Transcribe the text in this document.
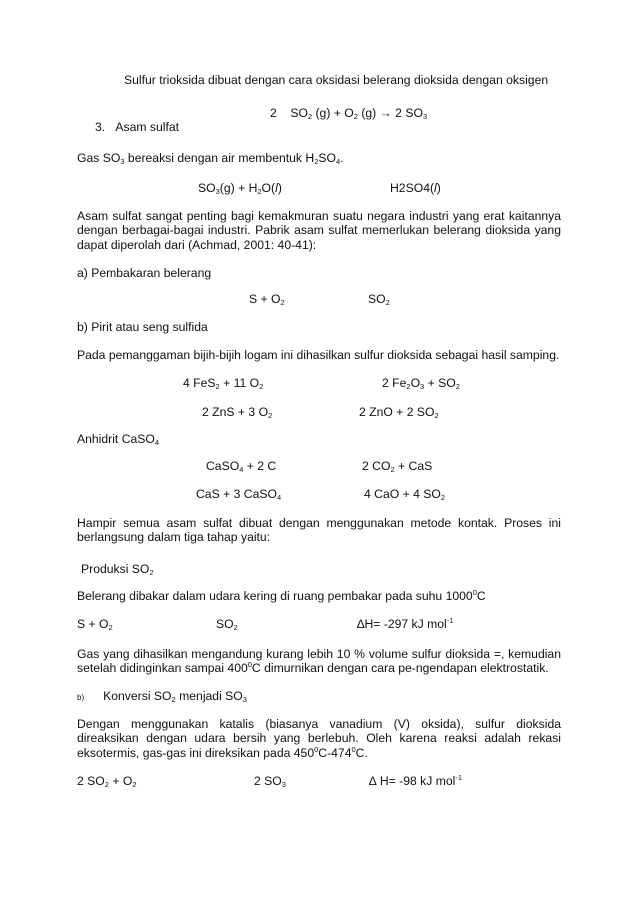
Sulfur trioksida dibuat dengan cara oksidasi belerang dioksida dengan oksigen
2 $SO_2$ $(g) + O_2$ (g) → 2 $SO_3$
3. Asam sulfat
Gas $SO_3$ bereaksi dengan air membentuk $H_2SO_4$.
$SO_3(g) + H_2O(l)$	H2SO4(l)
Asam sulfat sangat penting bagi kemakmuran suatu negara industri yang erat kaitannya dengan berbagai-bagai industri. Pabrik asam sulfat memerlukan belerang dioksida yang dapat diperolah dari (Achmad, 2001: 40-41):
a) Pembakaran belerang
$S + O_2$	$SO_2$
b) Pirit atau seng sulfida
Pada pemanggaman bijih-bijih logam ini dihasilkan sulfur dioksida sebagai hasil samping.
4 FeS$_2$ + 11 $O_2$	2 $Fe_2O_3 + SO_2$
2 ZnS + 3 $O_2$	2 ZnO + 2 $SO_2$
Anhidrit CaSO$_4$
CaSO$_4$ + 2 C	2 $CO_2$ + CaS
CaS + 3 CaSO$_4$	4 CaO + 4 $SO_2$
Hampir semua asam sulfat dibuat dengan menggunakan metode kontak. Proses ini berlangsung dalam tiga tahap yaitu:
Produksi $SO_2$
Belerang dibakar dalam udara kering di ruang pembakar pada suhu 1000$^0$C
$S + O_2$	$SO_2$	∆H= -297 kJ mol$^{-1}$
Gas yang dihasilkan mengandung kurang lebih 10 % volume sulfur dioksida =, kemudian setelah didinginkan sampai $400^0C$ dimurnikan dengan cara pe-ngendapan elektrostatik.
b) Konversi $SO_2$ menjadi $SO_3$
Dengan menggunakan katalis (biasanya vanadium (V) oksida), sulfur dioksida direaksikan dengan udara bersih yang berlebuh. Oleh karena reaksi adalah rekasi eksotermis, gas-gas ini direksikan pada $450^0C-474^0C$.
2 $SO_2 + O_2$	2 $SO_3$	∆ H= -98 kJ mol$^{-1}$
